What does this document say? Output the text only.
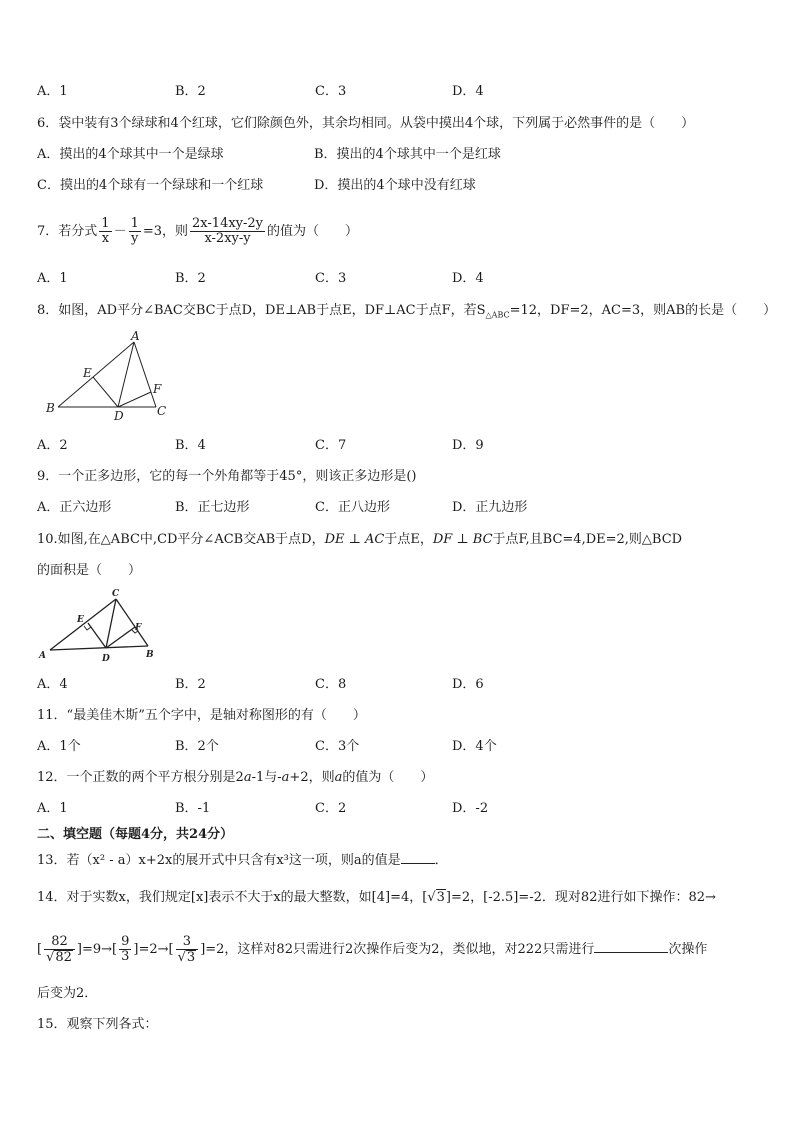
A．1	B．2	C．3	D．4
6．袋中装有3个绿球和4个红球，它们除颜色外，其余均相同。从袋中摸出4个球，下列属于必然事件的是（　　）
A．摸出的4个球其中一个是绿球	B．摸出的4个球其中一个是红球
C．摸出的4个球有一个绿球和一个红球	D．摸出的4个球中没有红球
7．若分式 $\frac{1}{x} - \frac{1}{y} =3$，则 $\frac{2x-14xy-2y}{x-2xy-y}$ 的值为（　　）
A．1	B．2	C．3	D．4
8．如图，AD平分∠BAC交BC于点D，DE⊥AB于点E，DF⊥AC于点F，若$S_{\triangle ABC}=12$，DF=2，AC=3，则AB的长是（　　）
A
B	C
D
E
F
A．2	B．4	C．7	D．9
9．一个正多边形，它的每一个外角都等于45°，则该正多边形是()
A．正六边形	B．正七边形	C．正八边形	D．正九边形
10.如图,在△ABC中,CD平分∠ACB交AB于点D，DE ⊥ AC于点E，DF ⊥ BC于点F,且BC=4,DE=2,则△BCD
的面积是（　　）
C
A	B
D
E
F
A．4	B．2	C．8	D．6
11．“最美佳木斯”五个字中，是轴对称图形的有（　　）
A．1个	B．2个	C．3个	D．4个
12．一个正数的两个平方根分别是2a-1与-a+2，则a的值为（　　）
A．1	B．-1	C．2	D．-2
二、填空题（每题4分，共24分）
13．若（x² - a）x+2x的展开式中只含有x³这一项，则a的值是	．
14．对于实数x，我们规定[x]表示不大于x的最大整数，如[4]=4，[√3]=2，[-2.5]=-2．现对82进行如下操作：82→
[ $\frac{82}{√82} ]=9\to[ \frac{9}{3} ]=2\to[ \frac{3}{√3} ]=2$，这样对82只需进行2次操作后变为2，类似地，对222只需进行	次操作
后变为2．
15．观察下列各式：
